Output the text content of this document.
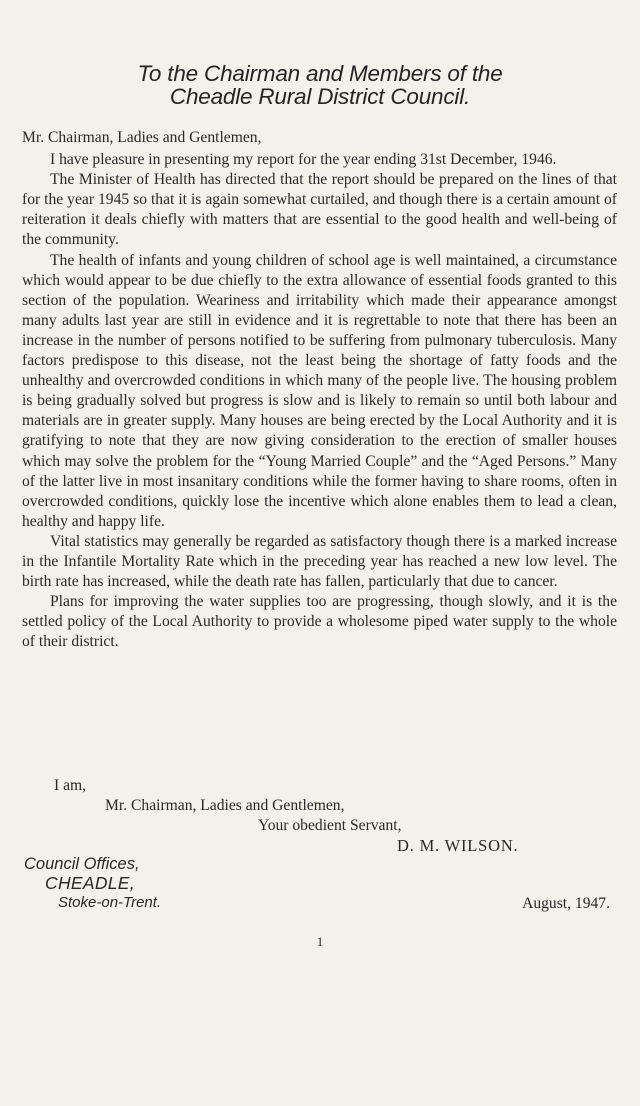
To the Chairman and Members of the
Cheadle Rural District Council.

Mr. Chairman, Ladies and Gentlemen,

I have pleasure in presenting my report for the year ending 31st December, 1946.

The Minister of Health has directed that the report should be prepared on the lines of that for the year 1945 so that it is again somewhat curtailed, and though there is a certain amount of reiteration it deals chiefly with matters that are essential to the good health and well-being of the community.

The health of infants and young children of school age is well maintained, a circumstance which would appear to be due chiefly to the extra allowance of essential foods granted to this section of the population. Weariness and irritability which made their appearance amongst many adults last year are still in evidence and it is regrettable to note that there has been an increase in the number of persons notified to be suffering from pulmonary tuberculosis. Many factors predispose to this disease, not the least being the shortage of fatty foods and the unhealthy and overcrowded conditions in which many of the people live. The housing problem is being gradually solved but progress is slow and is likely to remain so until both labour and materials are in greater supply. Many houses are being erected by the Local Authority and it is gratifying to note that they are now giving consideration to the erection of smaller houses which may solve the problem for the “Young Married Couple” and the “Aged Persons.” Many of the latter live in most insanitary conditions while the former having to share rooms, often in overcrowded conditions, quickly lose the incentive which alone enables them to lead a clean, healthy and happy life.

Vital statistics may generally be regarded as satisfactory though there is a marked increase in the Infantile Mortality Rate which in the preceding year has reached a new low level. The birth rate has increased, while the death rate has fallen, particularly that due to cancer.

Plans for improving the water supplies too are progressing, though slowly, and it is the settled policy of the Local Authority to provide a wholesome piped water supply to the whole of their district.

I am,
Mr. Chairman, Ladies and Gentlemen,
Your obedient Servant,
D. M. WILSON.
Council Offices,
CHEADLE,
Stoke-on-Trent.	August, 1947.
1
